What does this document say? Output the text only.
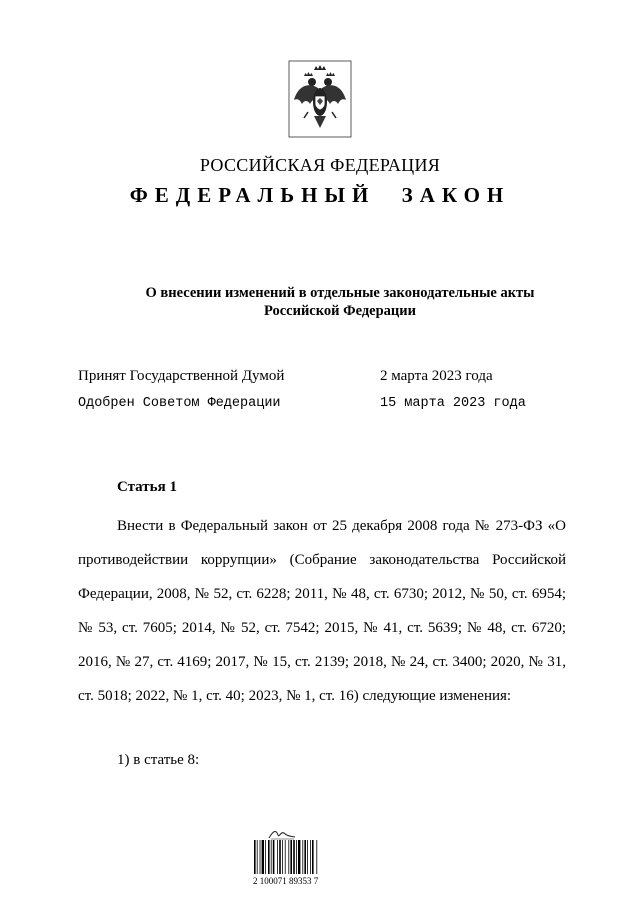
РОССИЙСКАЯ ФЕДЕРАЦИЯ
ФЕДЕРАЛЬНЫЙ ЗАКОН
О внесении изменений в отдельные законодательные акты
Российской Федерации
Принят Государственной Думой	2 марта 2023 года
Одобрен Советом Федерации	15 марта 2023 года
Статья 1

Внести в Федеральный закон от 25 декабря 2008 года № 273-ФЗ «О противодействии коррупции» (Собрание законодательства Российской Федерации, 2008, № 52, ст. 6228; 2011, № 48, ст. 6730; 2012, № 50, ст. 6954; № 53, ст. 7605; 2014, № 52, ст. 7542; 2015, № 41, ст. 5639; № 48, ст. 6720; 2016, № 27, ст. 4169; 2017, № 15, ст. 2139; 2018, № 24, ст. 3400; 2020, № 31, ст. 5018; 2022, № 1, ст. 40; 2023, № 1, ст. 16) следующие изменения:

1) в статье 8:
2 100071 89353 7
